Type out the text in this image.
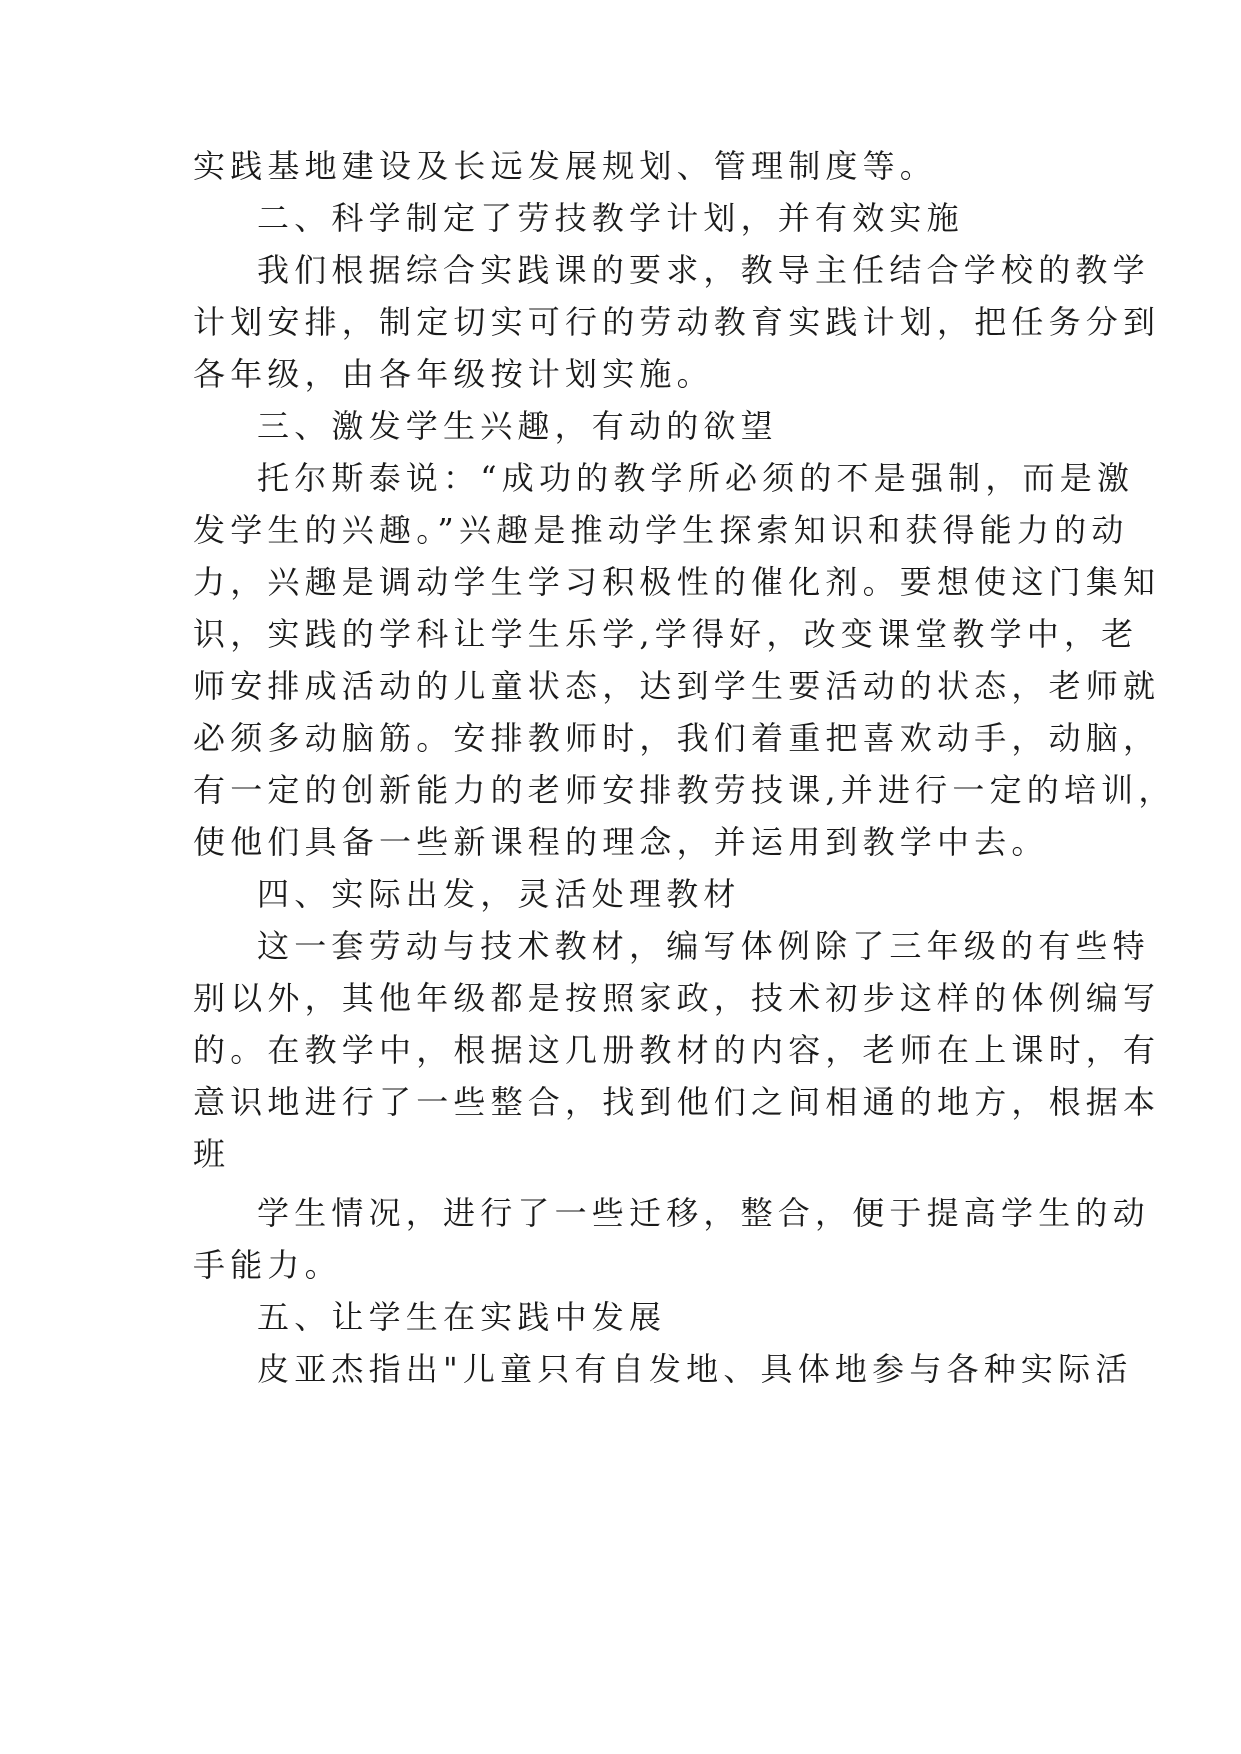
实践基地建设及长远发展规划、管理制度等。
二、科学制定了劳技教学计划，并有效实施
我们根据综合实践课的要求，教导主任结合学校的教学
计划安排，制定切实可行的劳动教育实践计划，把任务分到
各年级，由各年级按计划实施。
三、激发学生兴趣，有动的欲望
托尔斯泰说：“成功的教学所必须的不是强制，而是激
发学生的兴趣。”兴趣是推动学生探索知识和获得能力的动
力，兴趣是调动学生学习积极性的催化剂。要想使这门集知
识，实践的学科让学生乐学,学得好，改变课堂教学中，老
师安排成活动的儿童状态，达到学生要活动的状态，老师就
必须多动脑筋。安排教师时，我们着重把喜欢动手，动脑，
有一定的创新能力的老师安排教劳技课,并进行一定的培训，
使他们具备一些新课程的理念，并运用到教学中去。
四、实际出发，灵活处理教材
这一套劳动与技术教材，编写体例除了三年级的有些特
别以外，其他年级都是按照家政，技术初步这样的体例编写
的。在教学中，根据这几册教材的内容，老师在上课时，有
意识地进行了一些整合，找到他们之间相通的地方，根据本
班
学生情况，进行了一些迁移，整合，便于提高学生的动
手能力。
五、让学生在实践中发展
皮亚杰指出"儿童只有自发地、具体地参与各种实际活
